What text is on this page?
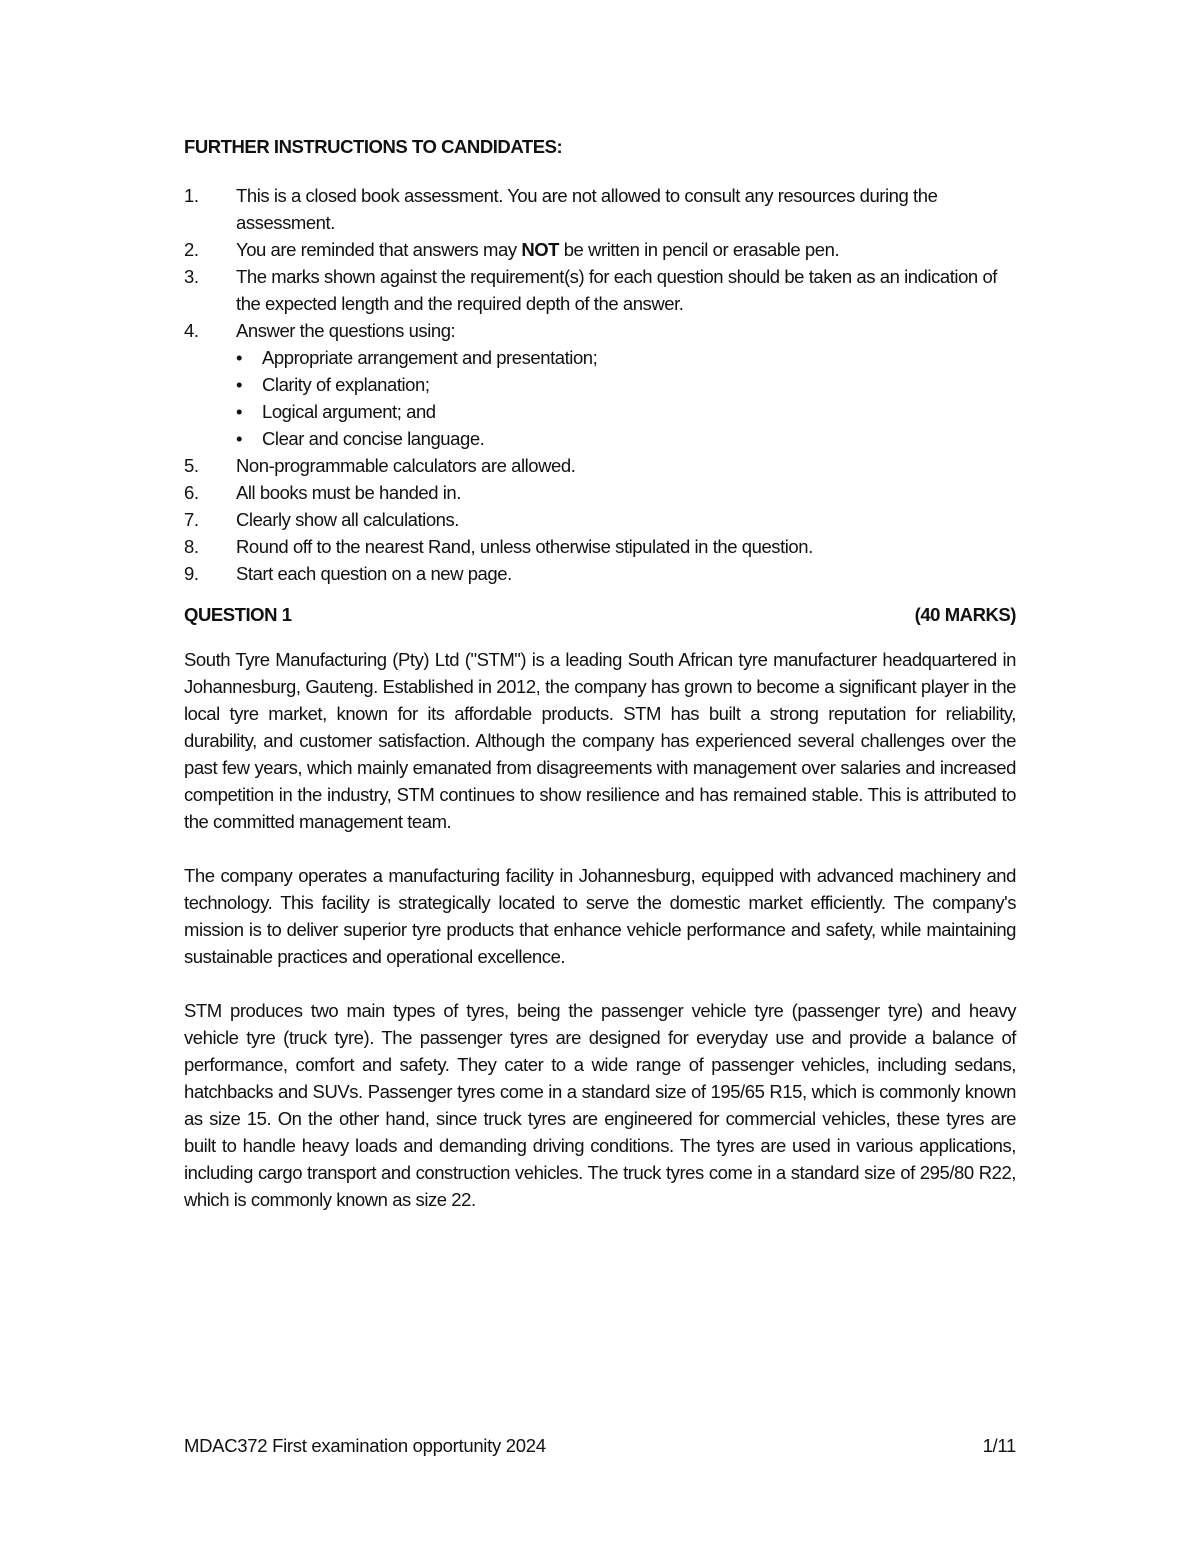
FURTHER INSTRUCTIONS TO CANDIDATES:
1. This is a closed book assessment. You are not allowed to consult any resources during the assessment.
2. You are reminded that answers may NOT be written in pencil or erasable pen.
3. The marks shown against the requirement(s) for each question should be taken as an indication of the expected length and the required depth of the answer.
4. Answer the questions using:
• Appropriate arrangement and presentation;
• Clarity of explanation;
• Logical argument; and
• Clear and concise language.
5. Non-programmable calculators are allowed.
6. All books must be handed in.
7. Clearly show all calculations.
8. Round off to the nearest Rand, unless otherwise stipulated in the question.
9. Start each question on a new page.
QUESTION 1	(40 MARKS)

South Tyre Manufacturing (Pty) Ltd ("STM") is a leading South African tyre manufacturer headquartered in Johannesburg, Gauteng. Established in 2012, the company has grown to become a significant player in the local tyre market, known for its affordable products. STM has built a strong reputation for reliability, durability, and customer satisfaction. Although the company has experienced several challenges over the past few years, which mainly emanated from disagreements with management over salaries and increased competition in the industry, STM continues to show resilience and has remained stable. This is attributed to the committed management team.

The company operates a manufacturing facility in Johannesburg, equipped with advanced machinery and technology. This facility is strategically located to serve the domestic market efficiently. The company's mission is to deliver superior tyre products that enhance vehicle performance and safety, while maintaining sustainable practices and operational excellence.

STM produces two main types of tyres, being the passenger vehicle tyre (passenger tyre) and heavy vehicle tyre (truck tyre). The passenger tyres are designed for everyday use and provide a balance of performance, comfort and safety. They cater to a wide range of passenger vehicles, including sedans, hatchbacks and SUVs. Passenger tyres come in a standard size of 195/65 R15, which is commonly known as size 15. On the other hand, since truck tyres are engineered for commercial vehicles, these tyres are built to handle heavy loads and demanding driving conditions. The tyres are used in various applications, including cargo transport and construction vehicles. The truck tyres come in a standard size of 295/80 R22, which is commonly known as size 22.

MDAC372 First examination opportunity 2024	1/11
